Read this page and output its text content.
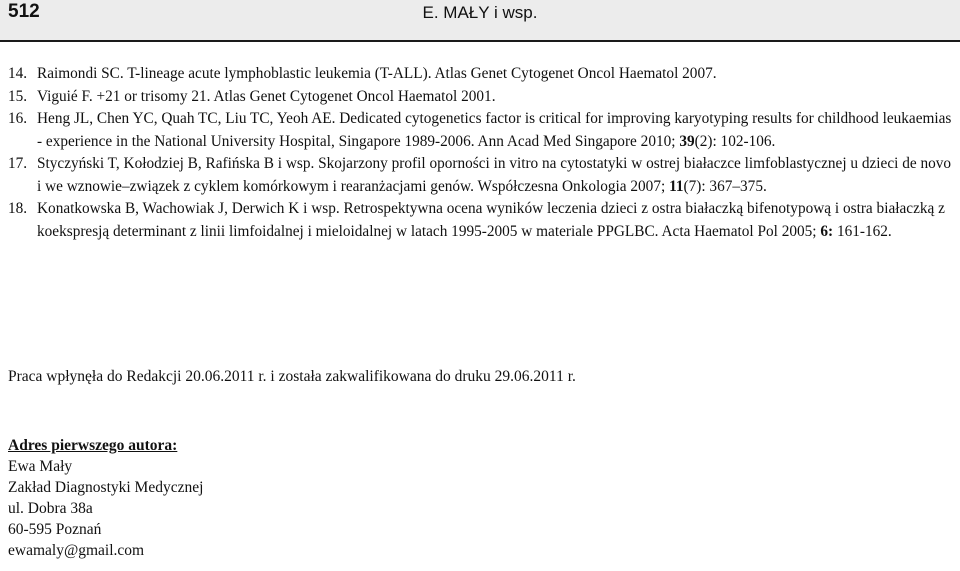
512	E. MAŁY i wsp.
14. Raimondi SC. T-lineage acute lymphoblastic leukemia (T-ALL). Atlas Genet Cytogenet Oncol Haematol 2007.
15. Viguié F. +21 or trisomy 21. Atlas Genet Cytogenet Oncol Haematol 2001.
16. Heng JL, Chen YC, Quah TC, Liu TC, Yeoh AE. Dedicated cytogenetics factor is critical for improving karyotyping results for childhood leukaemias - experience in the National University Hospital, Singapore 1989-2006. Ann Acad Med Singapore 2010; 39(2): 102-106.
17. Styczyński T, Kołodziej B, Rafińska B i wsp. Skojarzony profil oporności in vitro na cytostatyki w ostrej białaczce limfoblastycznej u dzieci de novo i we wznowie–związek z cyklem komórkowym i rearanżacjami genów. Współczesna Onkologia 2007; 11(7): 367–375.
18. Konatkowska B, Wachowiak J, Derwich K i wsp. Retrospektywna ocena wyników leczenia dzieci z ostra białaczką bifenotypową i ostra białaczką z koekspresją determinant z linii limfoidalnej i mieloidalnej w latach 1995-2005 w materiale PPGLBC. Acta Haematol Pol 2005; 6: 161-162.
Praca wpłynęła do Redakcji 20.06.2011 r. i została zakwalifikowana do druku 29.06.2011 r.
Adres pierwszego autora:
Ewa Mały
Zakład Diagnostyki Medycznej
ul. Dobra 38a
60-595 Poznań
ewamaly@gmail.com
